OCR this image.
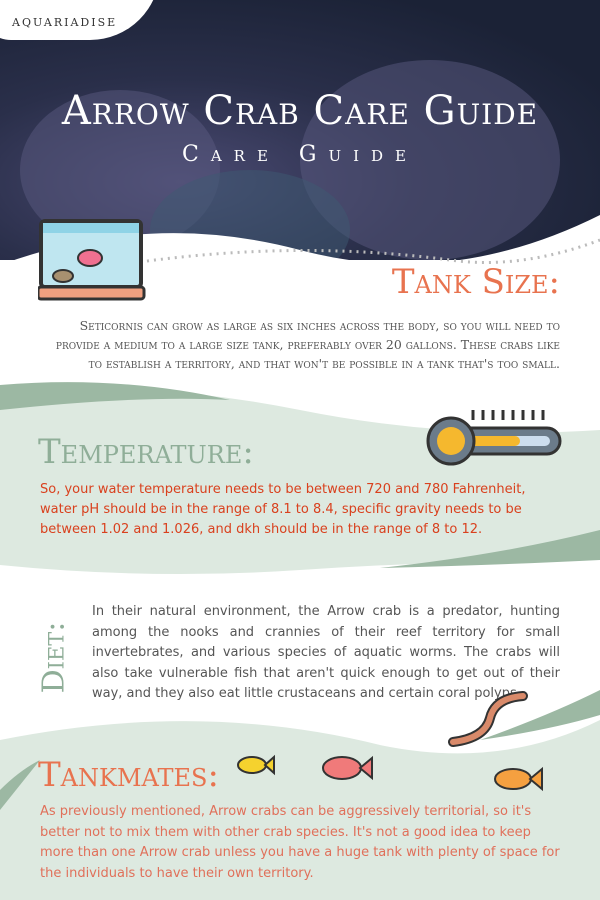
AQUARIADISE
Arrow Crab Care Guide
Care Guide
Tank Size:
Seticornis can grow as large as six inches across the body, so you will need to provide a medium to a large size tank, preferably over 20 gallons. These crabs like to establish a territory, and that won't be possible in a tank that's too small.
Temperature:
So, your water temperature needs to be between 720 and 780 Fahrenheit, water pH should be in the range of 8.1 to 8.4, specific gravity needs to be between 1.02 and 1.026, and dkh should be in the range of 8 to 12.
Diet:
In their natural environment, the Arrow crab is a predator, hunting among the nooks and crannies of their reef territory for small invertebrates, and various species of aquatic worms. The crabs will also take vulnerable fish that aren't quick enough to get out of their way, and they also eat little crustaceans and certain coral polyps.
Tankmates:
As previously mentioned, Arrow crabs can be aggressively territorial, so it's better not to mix them with other crab species. It's not a good idea to keep more than one Arrow crab unless you have a huge tank with plenty of space for the individuals to have their own territory.
